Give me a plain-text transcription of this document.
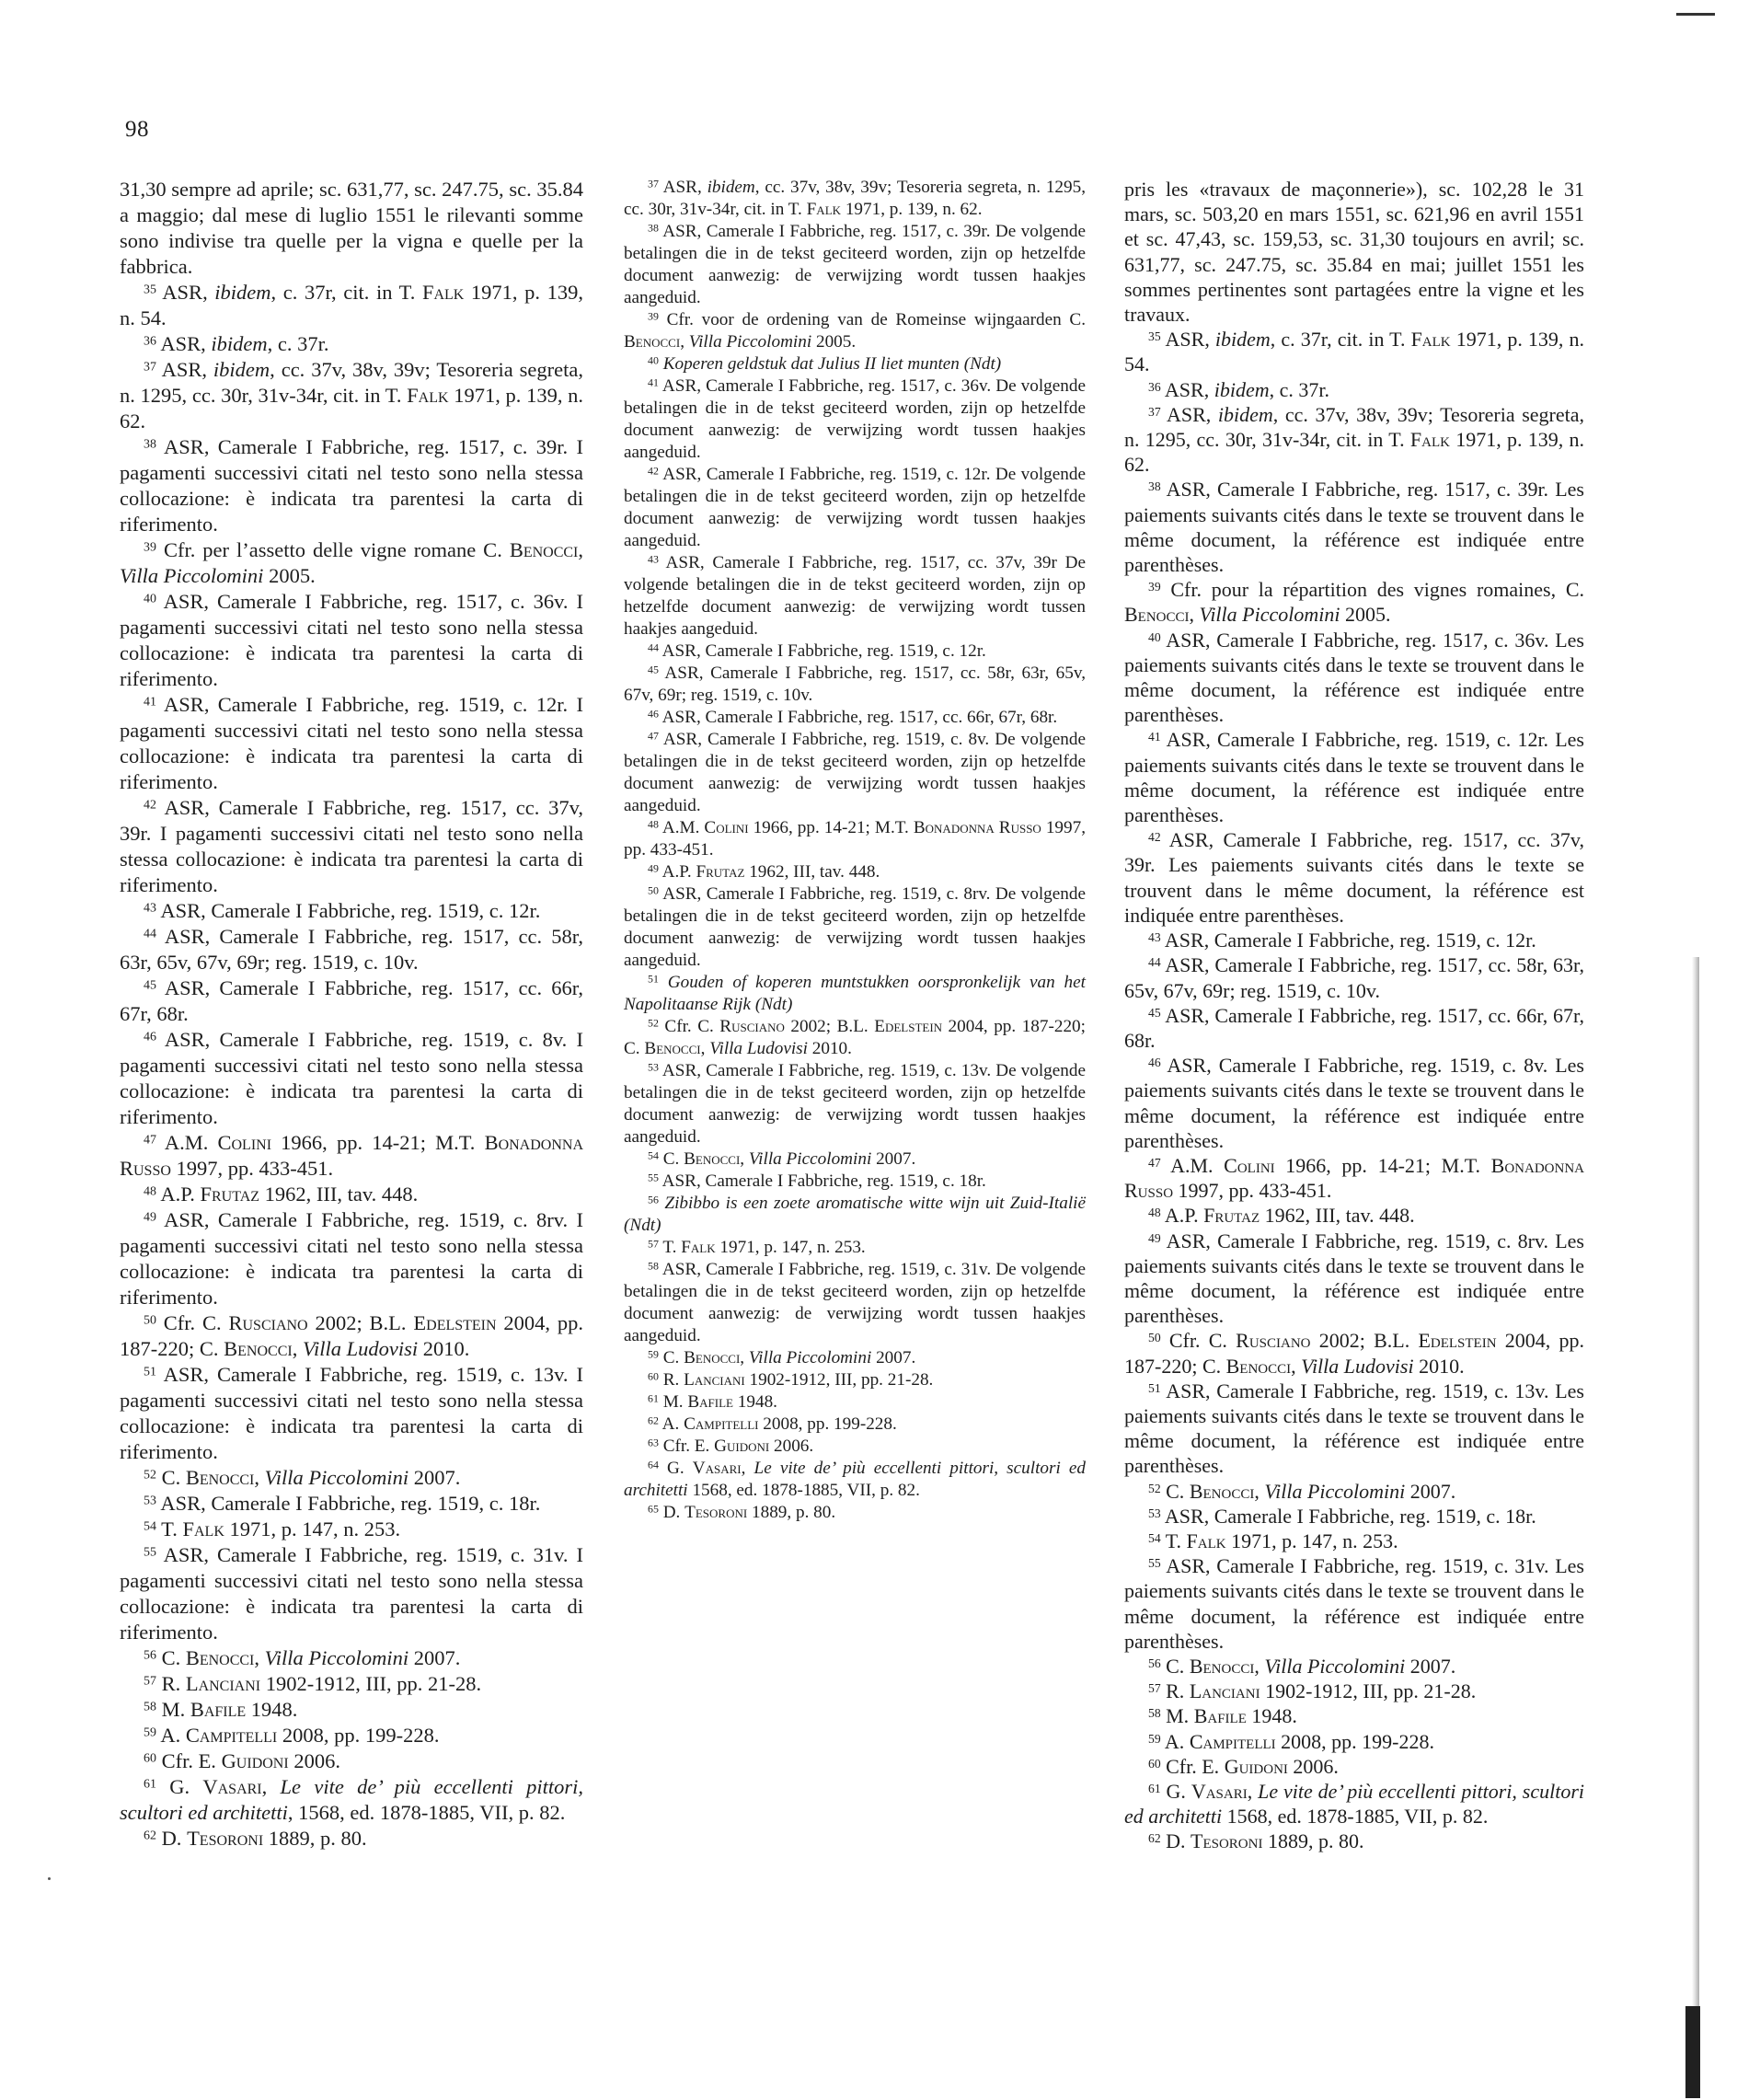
98

31,30 sempre ad aprile; sc. 631,77, sc. 247.75, sc. 35.84 a maggio; dal mese di luglio 1551 le rilevanti somme sono indivise tra quelle per la vigna e quelle per la fabbrica.

$^{35}$ ASR, ibidem, c. 37r, cit. in T. Falk 1971, p. 139, n. 54.

$^{36}$ ASR, ibidem, c. 37r.

$^{37}$ ASR, ibidem, cc. 37v, 38v, 39v; Tesoreria segreta, n. 1295, cc. 30r, 31v-34r, cit. in T. Falk 1971, p. 139, n. 62.

$^{38}$ ASR, Camerale I Fabbriche, reg. 1517, c. 39r. I pagamenti successivi citati nel testo sono nella stessa collocazione: è indicata tra parentesi la carta di riferimento.

$^{39}$ Cfr. per l’assetto delle vigne romane C. Benocci, Villa Piccolomini 2005.

$^{40}$ ASR, Camerale I Fabbriche, reg. 1517, c. 36v. I pagamenti successivi citati nel testo sono nella stessa collocazione: è indicata tra parentesi la carta di riferimento.

$^{41}$ ASR, Camerale I Fabbriche, reg. 1519, c. 12r. I pagamenti successivi citati nel testo sono nella stessa collocazione: è indicata tra parentesi la carta di riferimento.

$^{42}$ ASR, Camerale I Fabbriche, reg. 1517, cc. 37v, 39r. I pagamenti successivi citati nel testo sono nella stessa collocazione: è indicata tra parentesi la carta di riferimento.

$^{43}$ ASR, Camerale I Fabbriche, reg. 1519, c. 12r.

$^{44}$ ASR, Camerale I Fabbriche, reg. 1517, cc. 58r, 63r, 65v, 67v, 69r; reg. 1519, c. 10v.

$^{45}$ ASR, Camerale I Fabbriche, reg. 1517, cc. 66r, 67r, 68r.

$^{46}$ ASR, Camerale I Fabbriche, reg. 1519, c. 8v. I pagamenti successivi citati nel testo sono nella stessa collocazione: è indicata tra parentesi la carta di riferimento.

$^{47}$ A.M. Colini 1966, pp. 14-21; M.T. Bonadonna Russo 1997, pp. 433-451.

$^{48}$ A.P. Frutaz 1962, III, tav. 448.

$^{49}$ ASR, Camerale I Fabbriche, reg. 1519, c. 8rv. I pagamenti successivi citati nel testo sono nella stessa collocazione: è indicata tra parentesi la carta di riferimento.

$^{50}$ Cfr. C. Rusciano 2002; B.L. Edelstein 2004, pp. 187-220; C. Benocci, Villa Ludovisi 2010.

$^{51}$ ASR, Camerale I Fabbriche, reg. 1519, c. 13v. I pagamenti successivi citati nel testo sono nella stessa collocazione: è indicata tra parentesi la carta di riferimento.

$^{52}$ C. Benocci, Villa Piccolomini 2007.

$^{53}$ ASR, Camerale I Fabbriche, reg. 1519, c. 18r.

$^{54}$ T. Falk 1971, p. 147, n. 253.

$^{55}$ ASR, Camerale I Fabbriche, reg. 1519, c. 31v. I pagamenti successivi citati nel testo sono nella stessa collocazione: è indicata tra parentesi la carta di riferimento.

$^{56}$ C. Benocci, Villa Piccolomini 2007.

$^{57}$ R. Lanciani 1902-1912, III, pp. 21-28.

$^{58}$ M. Bafile 1948.

$^{59}$ A. Campitelli 2008, pp. 199-228.

$^{60}$ Cfr. E. Guidoni 2006.

$^{61}$ G. Vasari, Le vite de’ più eccellenti pittori, scultori ed architetti, 1568, ed. 1878-1885, VII, p. 82.

$^{62}$ D. Tesoroni 1889, p. 80.

$^{37}$ ASR, ibidem, cc. 37v, 38v, 39v; Tesoreria segreta, n. 1295, cc. 30r, 31v-34r, cit. in T. Falk 1971, p. 139, n. 62.

$^{38}$ ASR, Camerale I Fabbriche, reg. 1517, c. 39r. De volgende betalingen die in de tekst geciteerd worden, zijn op hetzelfde document aanwezig: de verwijzing wordt tussen haakjes aangeduid.

$^{39}$ Cfr. voor de ordening van de Romeinse wijngaarden C. Benocci, Villa Piccolomini 2005.

$^{40}$ Koperen geldstuk dat Julius II liet munten (Ndt)

$^{41}$ ASR, Camerale I Fabbriche, reg. 1517, c. 36v. De volgende betalingen die in de tekst geciteerd worden, zijn op hetzelfde document aanwezig: de verwijzing wordt tussen haakjes aangeduid.

$^{42}$ ASR, Camerale I Fabbriche, reg. 1519, c. 12r. De volgende betalingen die in de tekst geciteerd worden, zijn op hetzelfde document aanwezig: de verwijzing wordt tussen haakjes aangeduid.

$^{43}$ ASR, Camerale I Fabbriche, reg. 1517, cc. 37v, 39r De volgende betalingen die in de tekst geciteerd worden, zijn op hetzelfde document aanwezig: de verwijzing wordt tussen haakjes aangeduid.

$^{44}$ ASR, Camerale I Fabbriche, reg. 1519, c. 12r.

$^{45}$ ASR, Camerale I Fabbriche, reg. 1517, cc. 58r, 63r, 65v, 67v, 69r; reg. 1519, c. 10v.

$^{46}$ ASR, Camerale I Fabbriche, reg. 1517, cc. 66r, 67r, 68r.

$^{47}$ ASR, Camerale I Fabbriche, reg. 1519, c. 8v. De volgende betalingen die in de tekst geciteerd worden, zijn op hetzelfde document aanwezig: de verwijzing wordt tussen haakjes aangeduid.

$^{48}$ A.M. Colini 1966, pp. 14-21; M.T. Bonadonna Russo 1997, pp. 433-451.

$^{49}$ A.P. Frutaz 1962, III, tav. 448.

$^{50}$ ASR, Camerale I Fabbriche, reg. 1519, c. 8rv. De volgende betalingen die in de tekst geciteerd worden, zijn op hetzelfde document aanwezig: de verwijzing wordt tussen haakjes aangeduid.

$^{51}$ Gouden of koperen muntstukken oorspronkelijk van het Napolitaanse Rijk (Ndt)

$^{52}$ Cfr. C. Rusciano 2002; B.L. Edelstein 2004, pp. 187-220; C. Benocci, Villa Ludovisi 2010.

$^{53}$ ASR, Camerale I Fabbriche, reg. 1519, c. 13v. De volgende betalingen die in de tekst geciteerd worden, zijn op hetzelfde document aanwezig: de verwijzing wordt tussen haakjes aangeduid.

$^{54}$ C. Benocci, Villa Piccolomini 2007.

$^{55}$ ASR, Camerale I Fabbriche, reg. 1519, c. 18r.

$^{56}$ Zibibbo is een zoete aromatische witte wijn uit Zuid-Italië (Ndt)

$^{57}$ T. Falk 1971, p. 147, n. 253.

$^{58}$ ASR, Camerale I Fabbriche, reg. 1519, c. 31v. De volgende betalingen die in de tekst geciteerd worden, zijn op hetzelfde document aanwezig: de verwijzing wordt tussen haakjes aangeduid.

$^{59}$ C. Benocci, Villa Piccolomini 2007.

$^{60}$ R. Lanciani 1902-1912, III, pp. 21-28.

$^{61}$ M. Bafile 1948.

$^{62}$ A. Campitelli 2008, pp. 199-228.

$^{63}$ Cfr. E. Guidoni 2006.

$^{64}$ G. Vasari, Le vite de’ più eccellenti pittori, scultori ed architetti 1568, ed. 1878-1885, VII, p. 82.

$^{65}$ D. Tesoroni 1889, p. 80.

pris les «travaux de maçonnerie»), sc. 102,28 le 31 mars, sc. 503,20 en mars 1551, sc. 621,96 en avril 1551 et sc. 47,43, sc. 159,53, sc. 31,30 toujours en avril; sc. 631,77, sc. 247.75, sc. 35.84 en mai; juillet 1551 les sommes pertinentes sont partagées entre la vigne et les travaux.

$^{35}$ ASR, ibidem, c. 37r, cit. in T. Falk 1971, p. 139, n. 54.

$^{36}$ ASR, ibidem, c. 37r.

$^{37}$ ASR, ibidem, cc. 37v, 38v, 39v; Tesoreria segreta, n. 1295, cc. 30r, 31v-34r, cit. in T. Falk 1971, p. 139, n. 62.

$^{38}$ ASR, Camerale I Fabbriche, reg. 1517, c. 39r. Les paiements suivants cités dans le texte se trouvent dans le même document, la référence est indiquée entre parenthèses.

$^{39}$ Cfr. pour la répartition des vignes romaines, C. Benocci, Villa Piccolomini 2005.

$^{40}$ ASR, Camerale I Fabbriche, reg. 1517, c. 36v. Les paiements suivants cités dans le texte se trouvent dans le même document, la référence est indiquée entre parenthèses.

$^{41}$ ASR, Camerale I Fabbriche, reg. 1519, c. 12r. Les paiements suivants cités dans le texte se trouvent dans le même document, la référence est indiquée entre parenthèses.

$^{42}$ ASR, Camerale I Fabbriche, reg. 1517, cc. 37v, 39r. Les paiements suivants cités dans le texte se trouvent dans le même document, la référence est indiquée entre parenthèses.

$^{43}$ ASR, Camerale I Fabbriche, reg. 1519, c. 12r.

$^{44}$ ASR, Camerale I Fabbriche, reg. 1517, cc. 58r, 63r, 65v, 67v, 69r; reg. 1519, c. 10v.

$^{45}$ ASR, Camerale I Fabbriche, reg. 1517, cc. 66r, 67r, 68r.

$^{46}$ ASR, Camerale I Fabbriche, reg. 1519, c. 8v. Les paiements suivants cités dans le texte se trouvent dans le même document, la référence est indiquée entre parenthèses.

$^{47}$ A.M. Colini 1966, pp. 14-21; M.T. Bonadonna Russo 1997, pp. 433-451.

$^{48}$ A.P. Frutaz 1962, III, tav. 448.

$^{49}$ ASR, Camerale I Fabbriche, reg. 1519, c. 8rv. Les paiements suivants cités dans le texte se trouvent dans le même document, la référence est indiquée entre parenthèses.

$^{50}$ Cfr. C. Rusciano 2002; B.L. Edelstein 2004, pp. 187-220; C. Benocci, Villa Ludovisi 2010.

$^{51}$ ASR, Camerale I Fabbriche, reg. 1519, c. 13v. Les paiements suivants cités dans le texte se trouvent dans le même document, la référence est indiquée entre parenthèses.

$^{52}$ C. Benocci, Villa Piccolomini 2007.

$^{53}$ ASR, Camerale I Fabbriche, reg. 1519, c. 18r.

$^{54}$ T. Falk 1971, p. 147, n. 253.

$^{55}$ ASR, Camerale I Fabbriche, reg. 1519, c. 31v. Les paiements suivants cités dans le texte se trouvent dans le même document, la référence est indiquée entre parenthèses.

$^{56}$ C. Benocci, Villa Piccolomini 2007.

$^{57}$ R. Lanciani 1902-1912, III, pp. 21-28.

$^{58}$ M. Bafile 1948.

$^{59}$ A. Campitelli 2008, pp. 199-228.

$^{60}$ Cfr. E. Guidoni 2006.

$^{61}$ G. Vasari, Le vite de’ più eccellenti pittori, scultori ed architetti 1568, ed. 1878-1885, VII, p. 82.

$^{62}$ D. Tesoroni 1889, p. 80.
